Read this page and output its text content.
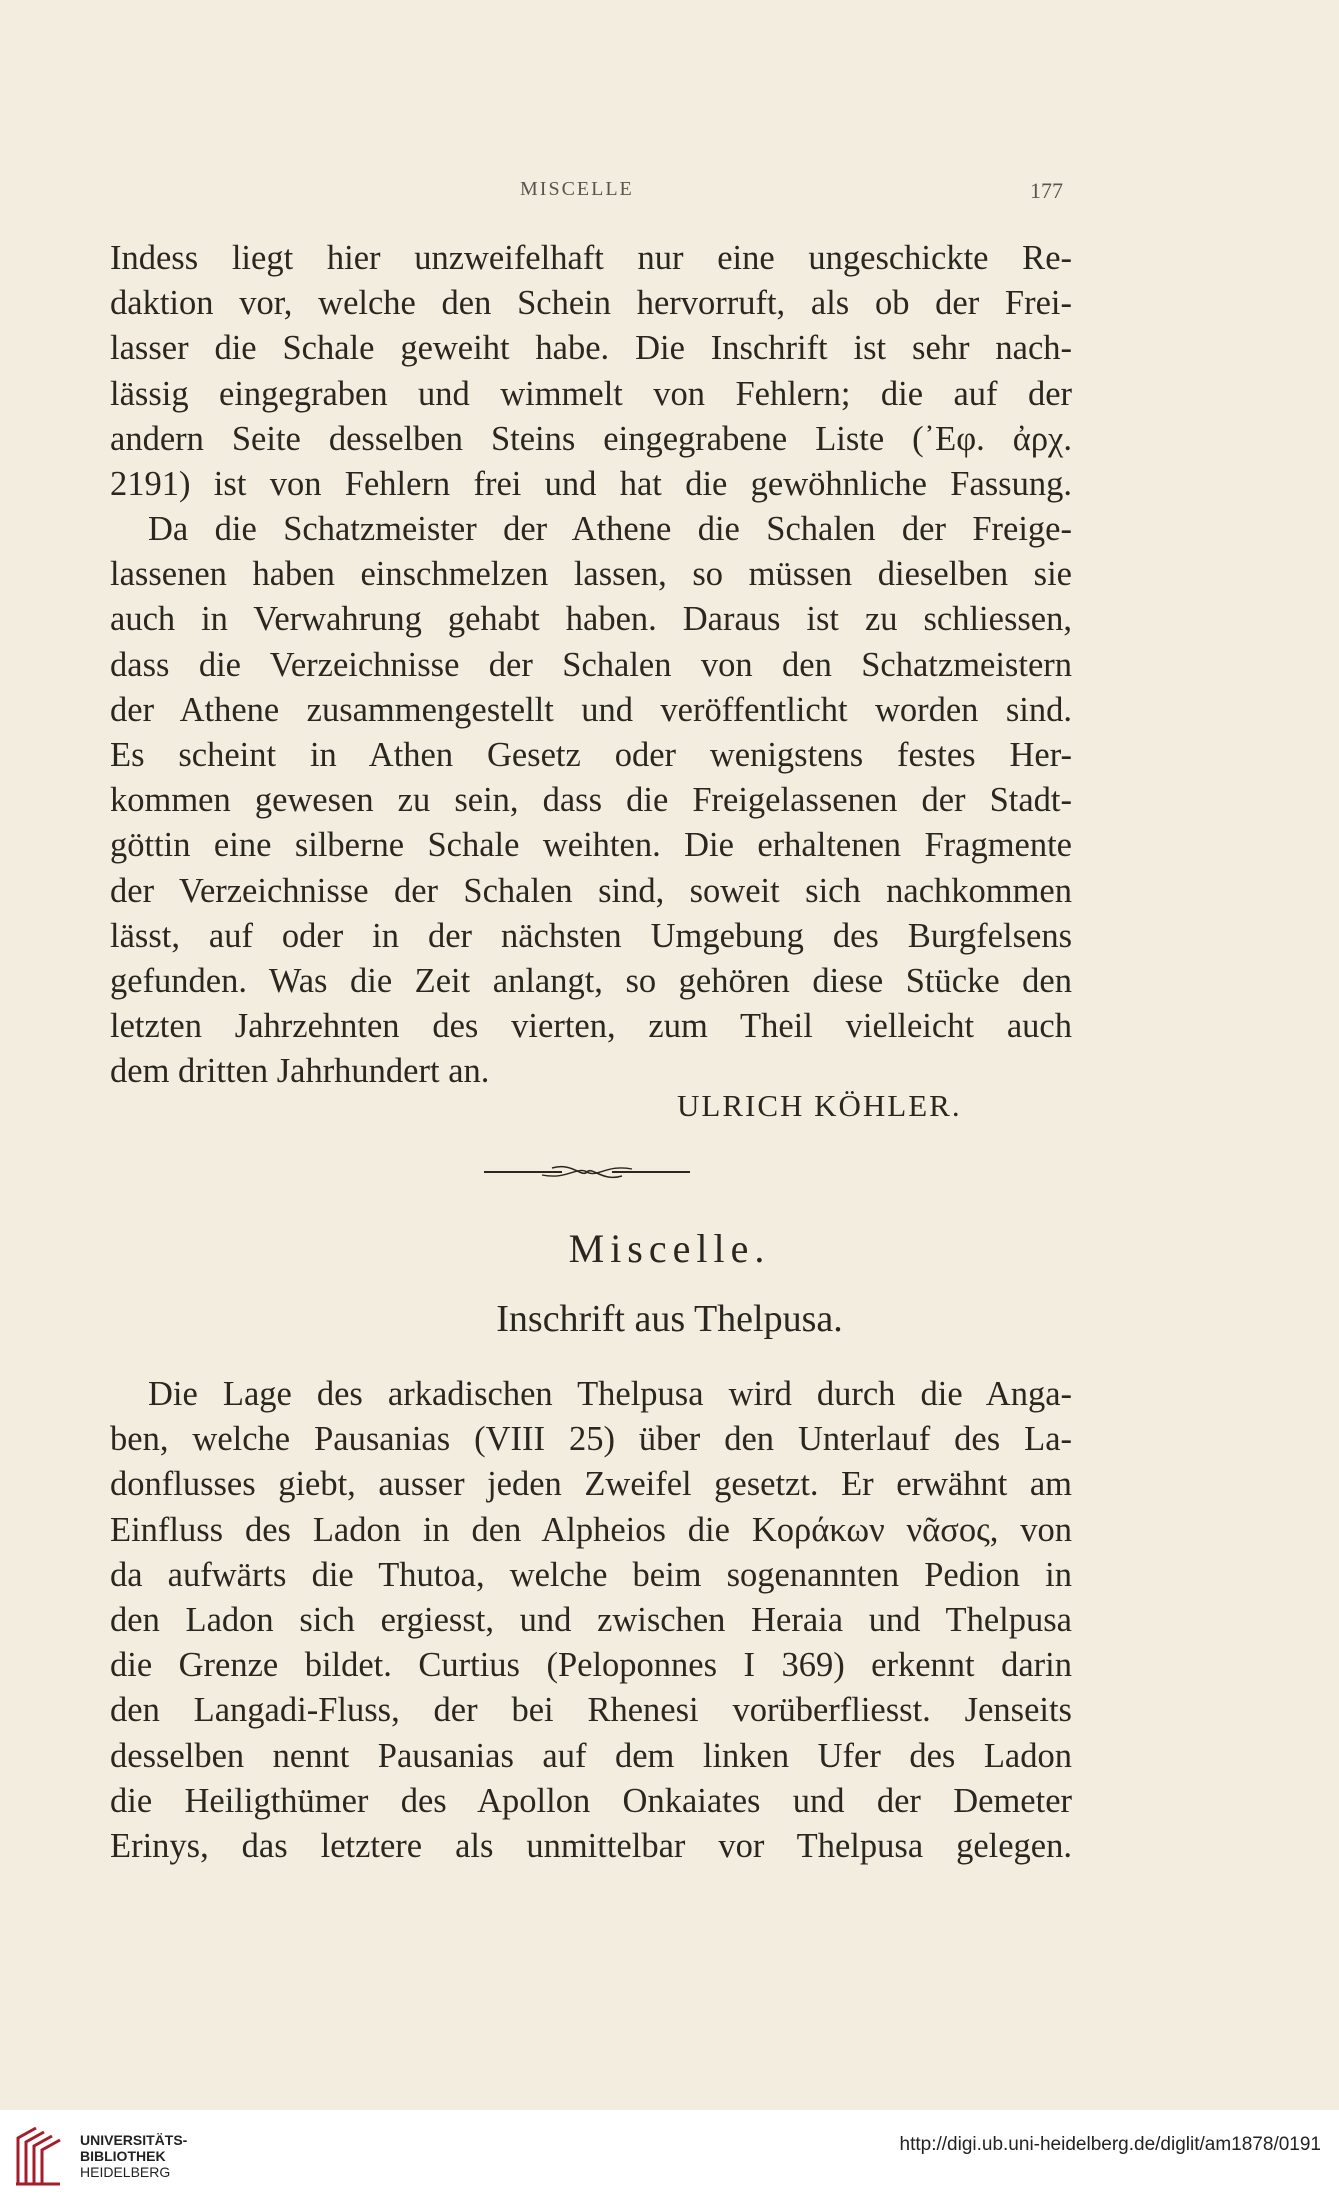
MISCELLE	177
Indess liegt hier unzweifelhaft nur eine ungeschickte Re-
daktion vor, welche den Schein hervorruft, als ob der Frei-
lasser die Schale geweiht habe. Die Inschrift ist sehr nach-
lässig eingegraben und wimmelt von Fehlern; die auf der
andern Seite desselben Steins eingegrabene Liste (᾽Εφ. ἀρχ.
2191) ist von Fehlern frei und hat die gewöhnliche Fassung.
Da die Schatzmeister der Athene die Schalen der Freige-
lassenen haben einschmelzen lassen, so müssen dieselben sie
auch in Verwahrung gehabt haben. Daraus ist zu schliessen,
dass die Verzeichnisse der Schalen von den Schatzmeistern
der Athene zusammengestellt und veröffentlicht worden sind.
Es scheint in Athen Gesetz oder wenigstens festes Her-
kommen gewesen zu sein, dass die Freigelassenen der Stadt-
göttin eine silberne Schale weihten. Die erhaltenen Fragmente
der Verzeichnisse der Schalen sind, soweit sich nachkommen
lässt, auf oder in der nächsten Umgebung des Burgfelsens
gefunden. Was die Zeit anlangt, so gehören diese Stücke den
letzten Jahrzehnten des vierten, zum Theil vielleicht auch
dem dritten Jahrhundert an.
ULRICH KÖHLER.
Miscelle.
Inschrift aus Thelpusa.
Die Lage des arkadischen Thelpusa wird durch die Anga-
ben, welche Pausanias (VIII 25) über den Unterlauf des La-
donflusses giebt, ausser jeden Zweifel gesetzt. Er erwähnt am
Einfluss des Ladon in den Alpheios die Κοράκων νᾶσος, von
da aufwärts die Thutoa, welche beim sogenannten Pedion in
den Ladon sich ergiesst, und zwischen Heraia und Thelpusa
die Grenze bildet. Curtius (Peloponnes I 369) erkennt darin
den Langadi-Fluss, der bei Rhenesi vorüberfliesst. Jenseits
desselben nennt Pausanias auf dem linken Ufer des Ladon
die Heiligthümer des Apollon Onkaiates und der Demeter
Erinys, das letztere als unmittelbar vor Thelpusa gelegen.
UNIVERSITÄTS-
BIBLIOTHEK
HEIDELBERG
http://digi.ub.uni-heidelberg.de/diglit/am1878/0191
